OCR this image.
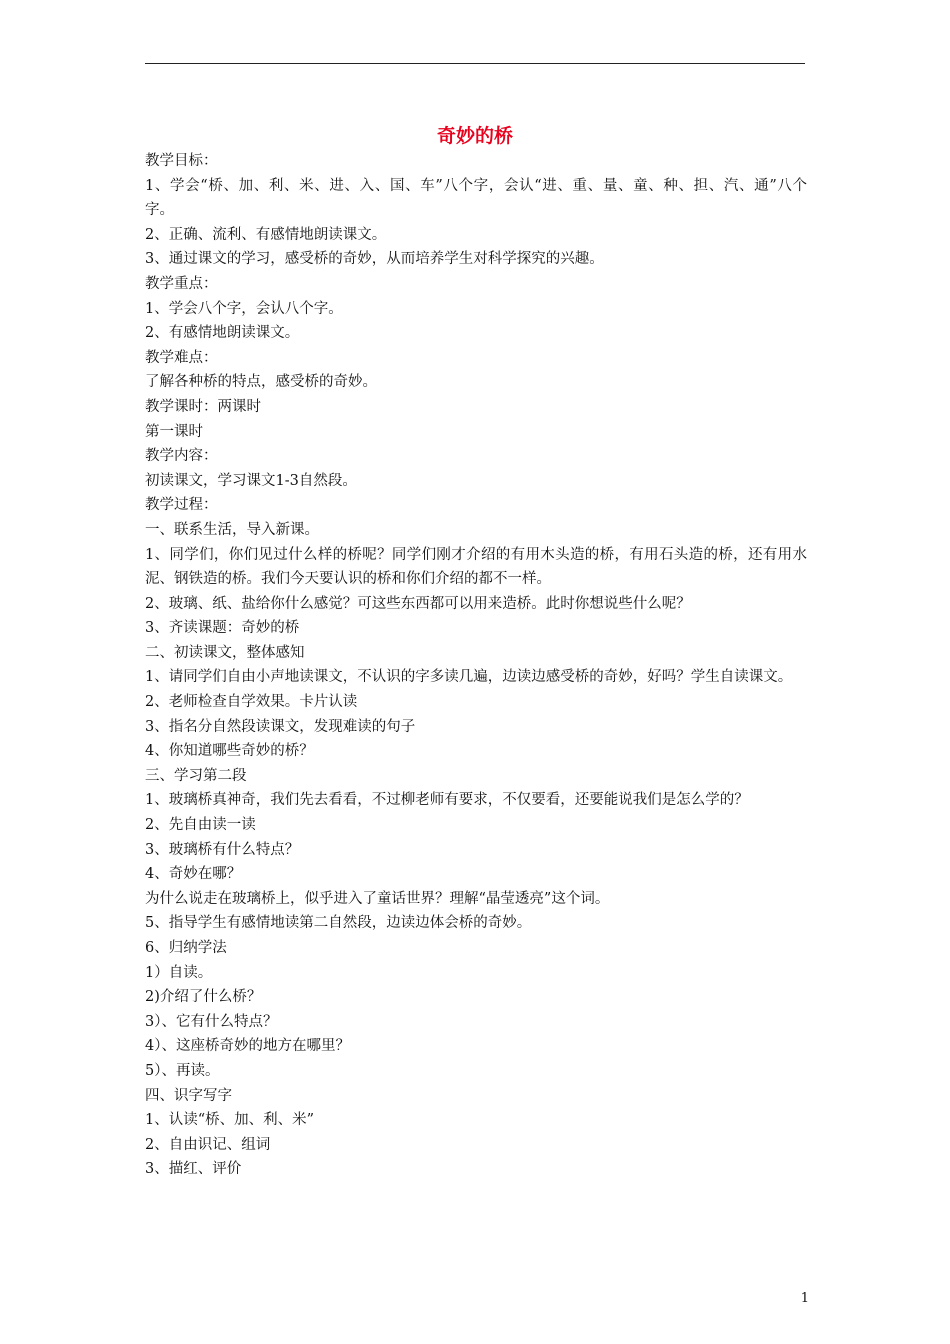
奇妙的桥
教学目标：
1、学会“桥、加、利、米、进、入、国、车”八个字，会认“进、重、量、童、种、担、汽、通”八个字。
2、正确、流利、有感情地朗读课文。
3、通过课文的学习，感受桥的奇妙，从而培养学生对科学探究的兴趣。
教学重点：
1、学会八个字，会认八个字。
2、有感情地朗读课文。
教学难点：
了解各种桥的特点，感受桥的奇妙。
教学课时：两课时
第一课时
教学内容：
初读课文，学习课文1-3自然段。
教学过程：
一、联系生活，导入新课。
1、同学们，你们见过什么样的桥呢？同学们刚才介绍的有用木头造的桥，有用石头造的桥，还有用水泥、钢铁造的桥。我们今天要认识的桥和你们介绍的都不一样。
2、玻璃、纸、盐给你什么感觉？可这些东西都可以用来造桥。此时你想说些什么呢？
3、齐读课题：奇妙的桥
二、初读课文，整体感知
1、请同学们自由小声地读课文，不认识的字多读几遍，边读边感受桥的奇妙，好吗？学生自读课文。
2、老师检查自学效果。卡片认读
3、指名分自然段读课文，发现难读的句子
4、你知道哪些奇妙的桥？
三、学习第二段
1、玻璃桥真神奇，我们先去看看，不过柳老师有要求，不仅要看，还要能说我们是怎么学的？
2、先自由读一读
3、玻璃桥有什么特点？
4、奇妙在哪？
为什么说走在玻璃桥上，似乎进入了童话世界？理解“晶莹透亮”这个词。
5、指导学生有感情地读第二自然段，边读边体会桥的奇妙。
6、归纳学法
1）自读。
2)介绍了什么桥？
3）、它有什么特点？
4）、这座桥奇妙的地方在哪里？
5）、再读。
四、识字写字
1、认读“桥、加、利、米”
2、自由识记、组词
3、描红、评价
1
